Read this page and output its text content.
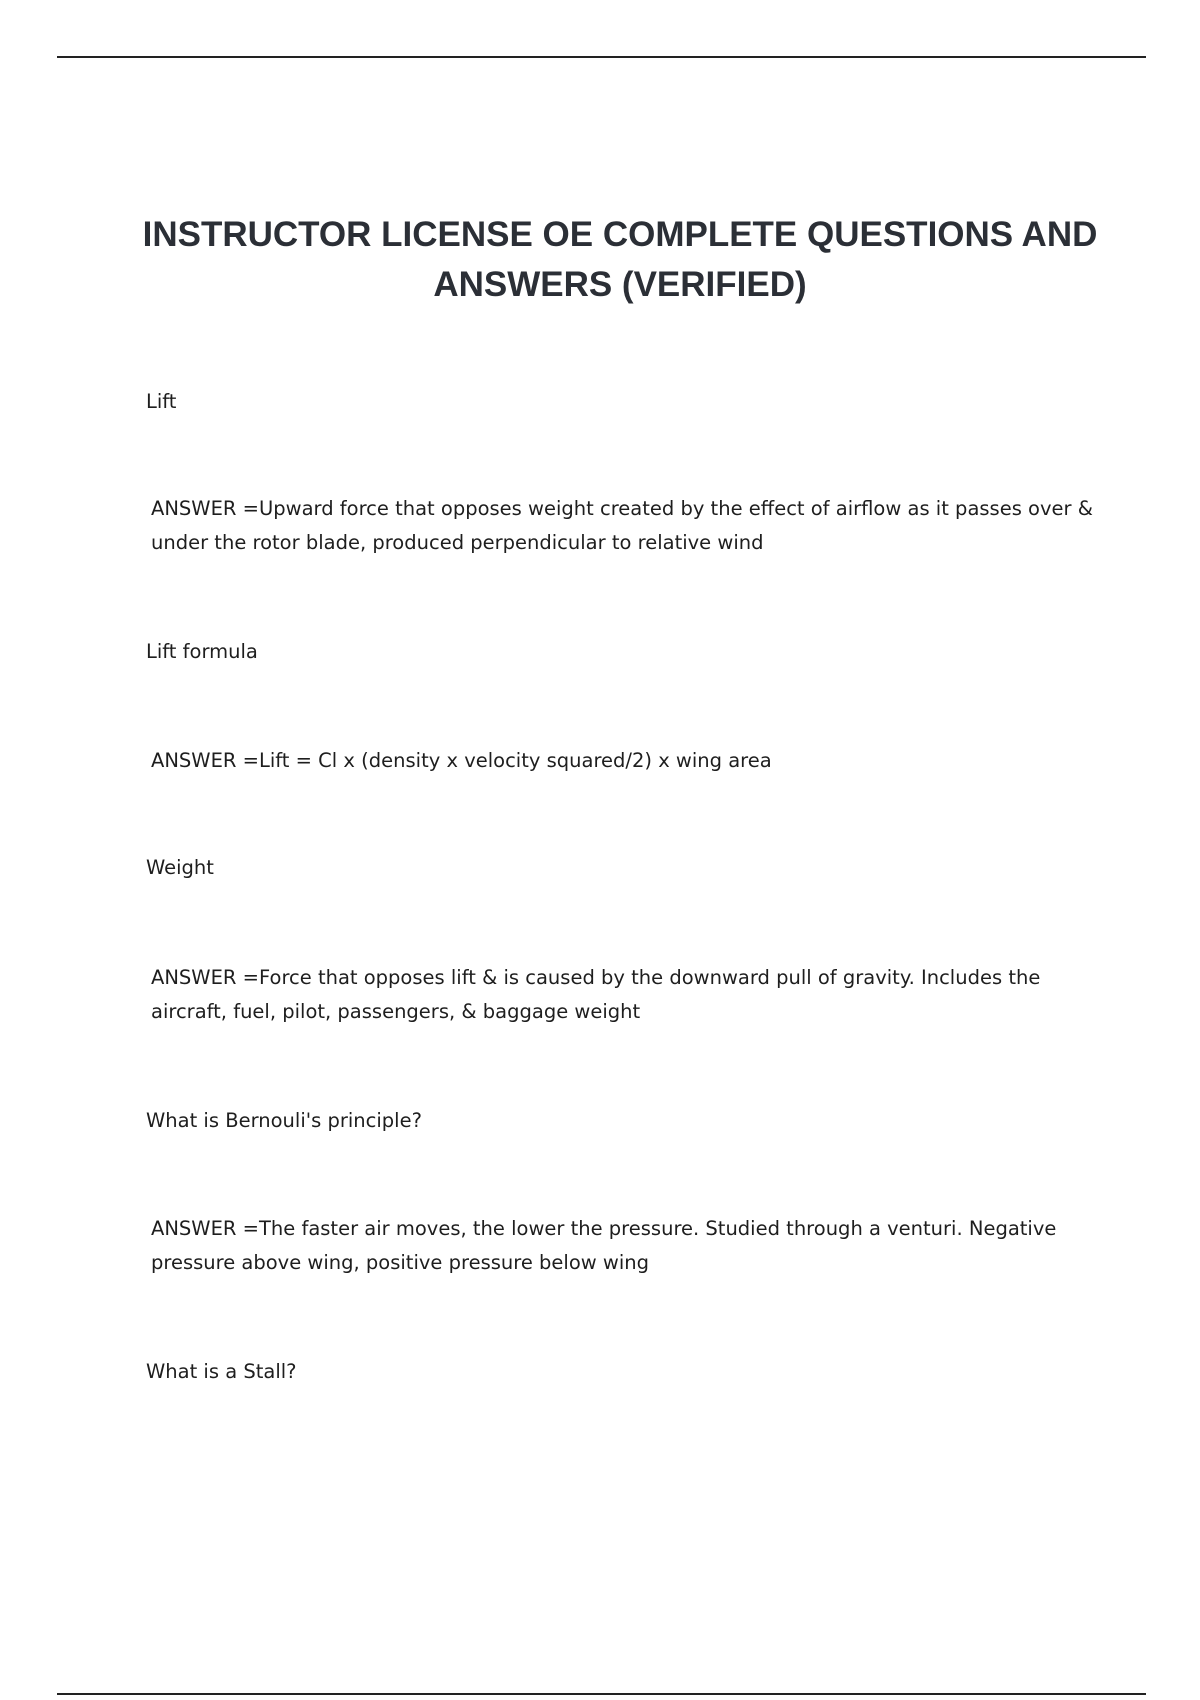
INSTRUCTOR LICENSE OE COMPLETE QUESTIONS AND ANSWERS (VERIFIED)

Lift

ANSWER =Upward force that opposes weight created by the effect of airflow as it passes over & under the rotor blade, produced perpendicular to relative wind

Lift formula

ANSWER =Lift = Cl x (density x velocity squared/2) x wing area

Weight

ANSWER =Force that opposes lift & is caused by the downward pull of gravity. Includes the aircraft, fuel, pilot, passengers, & baggage weight

What is Bernouli's principle?

ANSWER =The faster air moves, the lower the pressure. Studied through a venturi. Negative pressure above wing, positive pressure below wing

What is a Stall?
